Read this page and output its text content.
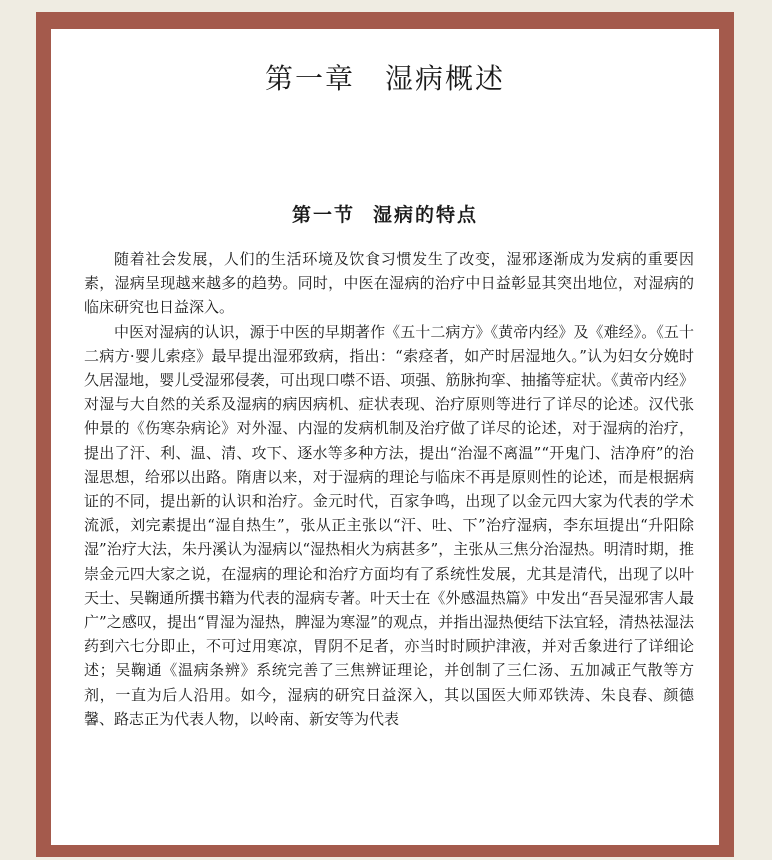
第一章 湿病概述
第一节 湿病的特点

随着社会发展，人们的生活环境及饮食习惯发生了改变，湿邪逐渐成为发病的重要因素，湿病呈现越来越多的趋势。同时，中医在湿病的治疗中日益彰显其突出地位，对湿病的临床研究也日益深入。

中医对湿病的认识，源于中医的早期著作《五十二病方》《黄帝内经》及《难经》。《五十二病方·婴儿索痉》最早提出湿邪致病，指出：“索痉者，如产时居湿地久。”认为妇女分娩时久居湿地，婴儿受湿邪侵袭，可出现口噤不语、项强、筋脉拘挛、抽搐等症状。《黄帝内经》对湿与大自然的关系及湿病的病因病机、症状表现、治疗原则等进行了详尽的论述。汉代张仲景的《伤寒杂病论》对外湿、内湿的发病机制及治疗做了详尽的论述，对于湿病的治疗，提出了汗、利、温、清、攻下、逐水等多种方法，提出“治湿不离温”“开鬼门、洁净府”的治湿思想，给邪以出路。隋唐以来，对于湿病的理论与临床不再是原则性的论述，而是根据病证的不同，提出新的认识和治疗。金元时代，百家争鸣，出现了以金元四大家为代表的学术流派，刘完素提出“湿自热生”，张从正主张以“汗、吐、下”治疗湿病，李东垣提出“升阳除湿”治疗大法，朱丹溪认为湿病以“湿热相火为病甚多”，主张从三焦分治湿热。明清时期，推崇金元四大家之说，在湿病的理论和治疗方面均有了系统性发展，尤其是清代，出现了以叶天士、吴鞠通所撰书籍为代表的湿病专著。叶天士在《外感温热篇》中发出“吾吴湿邪害人最广”之感叹，提出“胃湿为湿热，脾湿为寒湿”的观点，并指出湿热便结下法宜轻，清热祛湿法药到六七分即止，不可过用寒凉，胃阴不足者，亦当时时顾护津液，并对舌象进行了详细论述；吴鞠通《温病条辨》系统完善了三焦辨证理论，并创制了三仁汤、五加减正气散等方剂，一直为后人沿用。如今，湿病的研究日益深入，其以国医大师邓铁涛、朱良春、颜德馨、路志正为代表人物，以岭南、新安等为代表
